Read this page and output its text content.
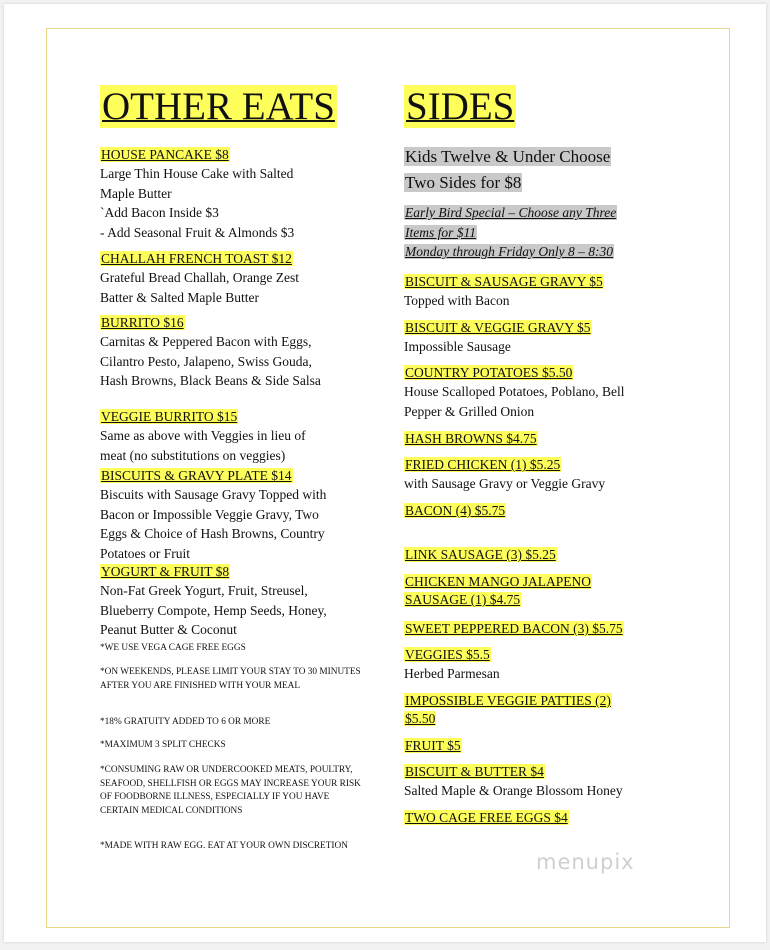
OTHER EATS
HOUSE PANCAKE $8
Large Thin House Cake with Salted
Maple Butter
`Add Bacon Inside $3
- Add Seasonal Fruit & Almonds $3
CHALLAH FRENCH TOAST $12
Grateful Bread Challah, Orange Zest
Batter & Salted Maple Butter
BURRITO $16
Carnitas & Peppered Bacon with Eggs,
Cilantro Pesto, Jalapeno, Swiss Gouda,
Hash Browns, Black Beans & Side Salsa
VEGGIE BURRITO $15
Same as above with Veggies in lieu of
meat (no substitutions on veggies)
BISCUITS & GRAVY PLATE $14
Biscuits with Sausage Gravy Topped with
Bacon or Impossible Veggie Gravy, Two
Eggs & Choice of Hash Browns, Country
Potatoes or Fruit
YOGURT & FRUIT $8
Non-Fat Greek Yogurt, Fruit, Streusel,
Blueberry Compote, Hemp Seeds, Honey,
Peanut Butter & Coconut
*WE USE VEGA CAGE FREE EGGS
*ON WEEKENDS, PLEASE LIMIT YOUR STAY TO 30 MINUTES AFTER YOU ARE FINISHED WITH YOUR MEAL
*18% GRATUITY ADDED TO 6 OR MORE
*MAXIMUM 3 SPLIT CHECKS
*CONSUMING RAW OR UNDERCOOKED MEATS, POULTRY, SEAFOOD, SHELLFISH OR EGGS MAY INCREASE YOUR RISK OF FOODBORNE ILLNESS, ESPECIALLY IF YOU HAVE CERTAIN MEDICAL CONDITIONS
*MADE WITH RAW EGG. EAT AT YOUR OWN DISCRETION
SIDES
Kids Twelve & Under Choose
Two Sides for $8
Early Bird Special – Choose any Three
Items for $11
Monday through Friday Only 8 – 8:30
BISCUIT & SAUSAGE GRAVY $5
Topped with Bacon
BISCUIT & VEGGIE GRAVY $5
Impossible Sausage
COUNTRY POTATOES $5.50
House Scalloped Potatoes, Poblano, Bell
Pepper & Grilled Onion
HASH BROWNS $4.75
FRIED CHICKEN (1) $5.25
with Sausage Gravy or Veggie Gravy
BACON (4) $5.75
LINK SAUSAGE (3) $5.25
CHICKEN MANGO JALAPENO
SAUSAGE (1) $4.75
SWEET PEPPERED BACON (3) $5.75
VEGGIES $5.5
Herbed Parmesan
IMPOSSIBLE VEGGIE PATTIES (2)
$5.50
FRUIT $5
BISCUIT & BUTTER $4
Salted Maple & Orange Blossom Honey
TWO CAGE FREE EGGS $4
menupix
